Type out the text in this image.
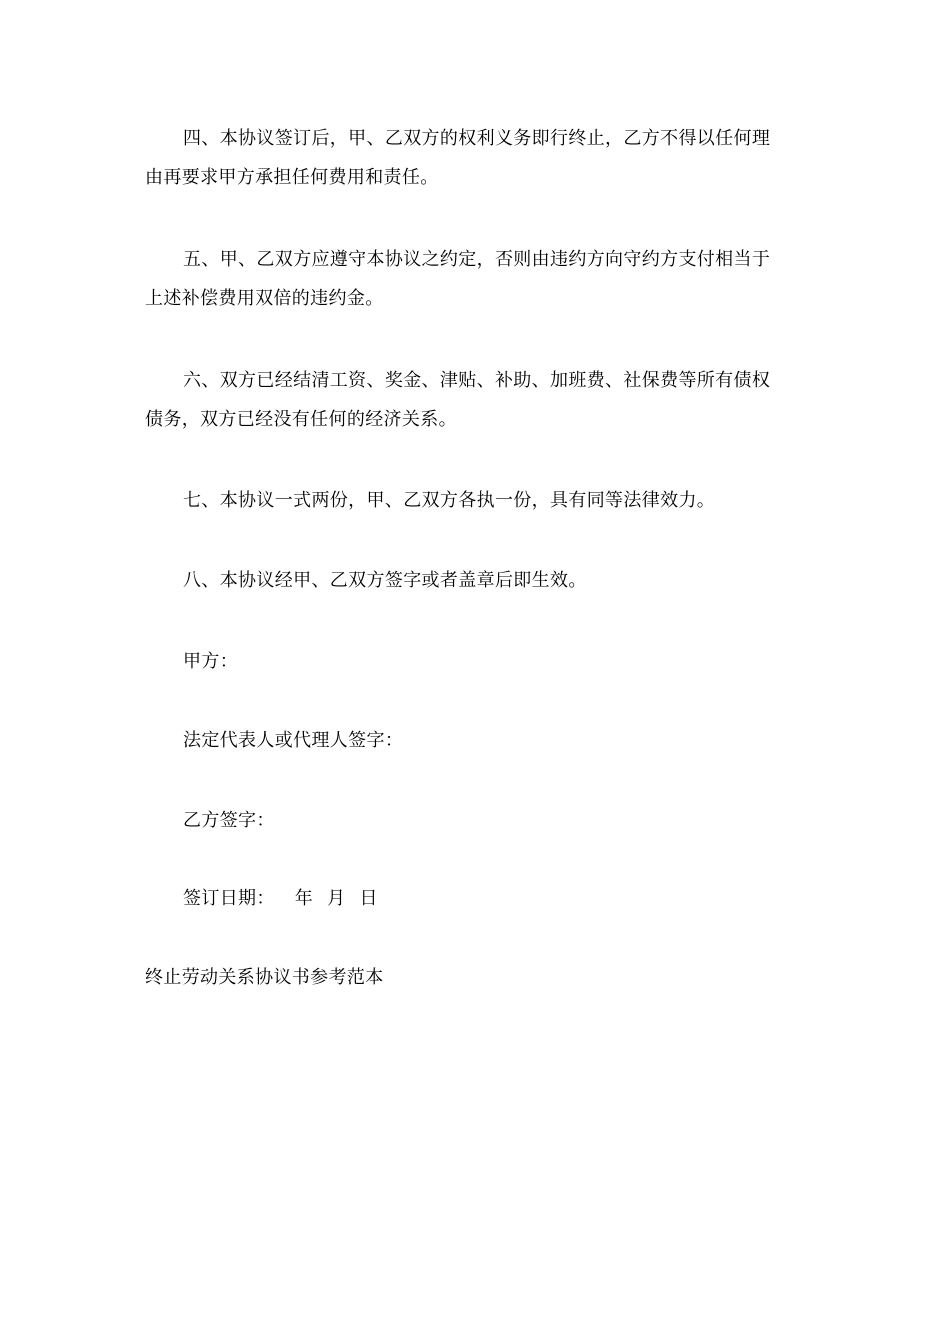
四、本协议签订后，甲、乙双方的权利义务即行终止，乙方不得以任何理
由再要求甲方承担任何费用和责任。

五、甲、乙双方应遵守本协议之约定，否则由违约方向守约方支付相当于
上述补偿费用双倍的违约金。

六、双方已经结清工资、奖金、津贴、补助、加班费、社保费等所有债权
债务，双方已经没有任何的经济关系。

七、本协议一式两份，甲、乙双方各执一份，具有同等法律效力。

八、本协议经甲、乙双方签字或者盖章后即生效。

甲方：

法定代表人或代理人签字：

乙方签字：

签订日期： 年 月 日

终止劳动关系协议书参考范本
